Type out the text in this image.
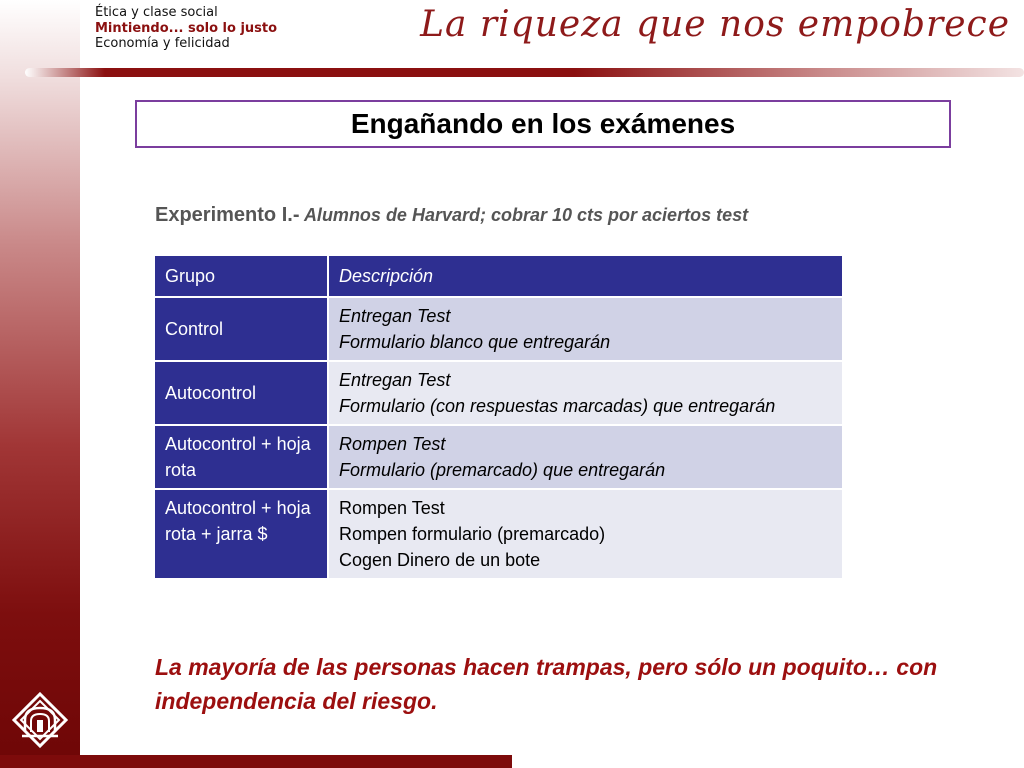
Ética y clase social
Mintiendo... solo lo justo
Economía y felicidad	La riqueza que nos empobrece
Engañando en los exámenes
Experimento I.- Alumnos de Harvard; cobrar 10 cts por aciertos test
Grupo	Descripción
Control	Entregan Test
Formulario blanco que entregarán

Autocontrol	Entregan Test
Formulario (con respuestas marcadas) que entregarán

Autocontrol + hoja rota	Rompen Test
Formulario (premarcado) que entregarán

Autocontrol + hoja rota + jarra $	Rompen Test
Rompen formulario (premarcado)
Cogen Dinero de un bote
La mayoría de las personas hacen trampas, pero sólo un poquito… con independencia del riesgo.
